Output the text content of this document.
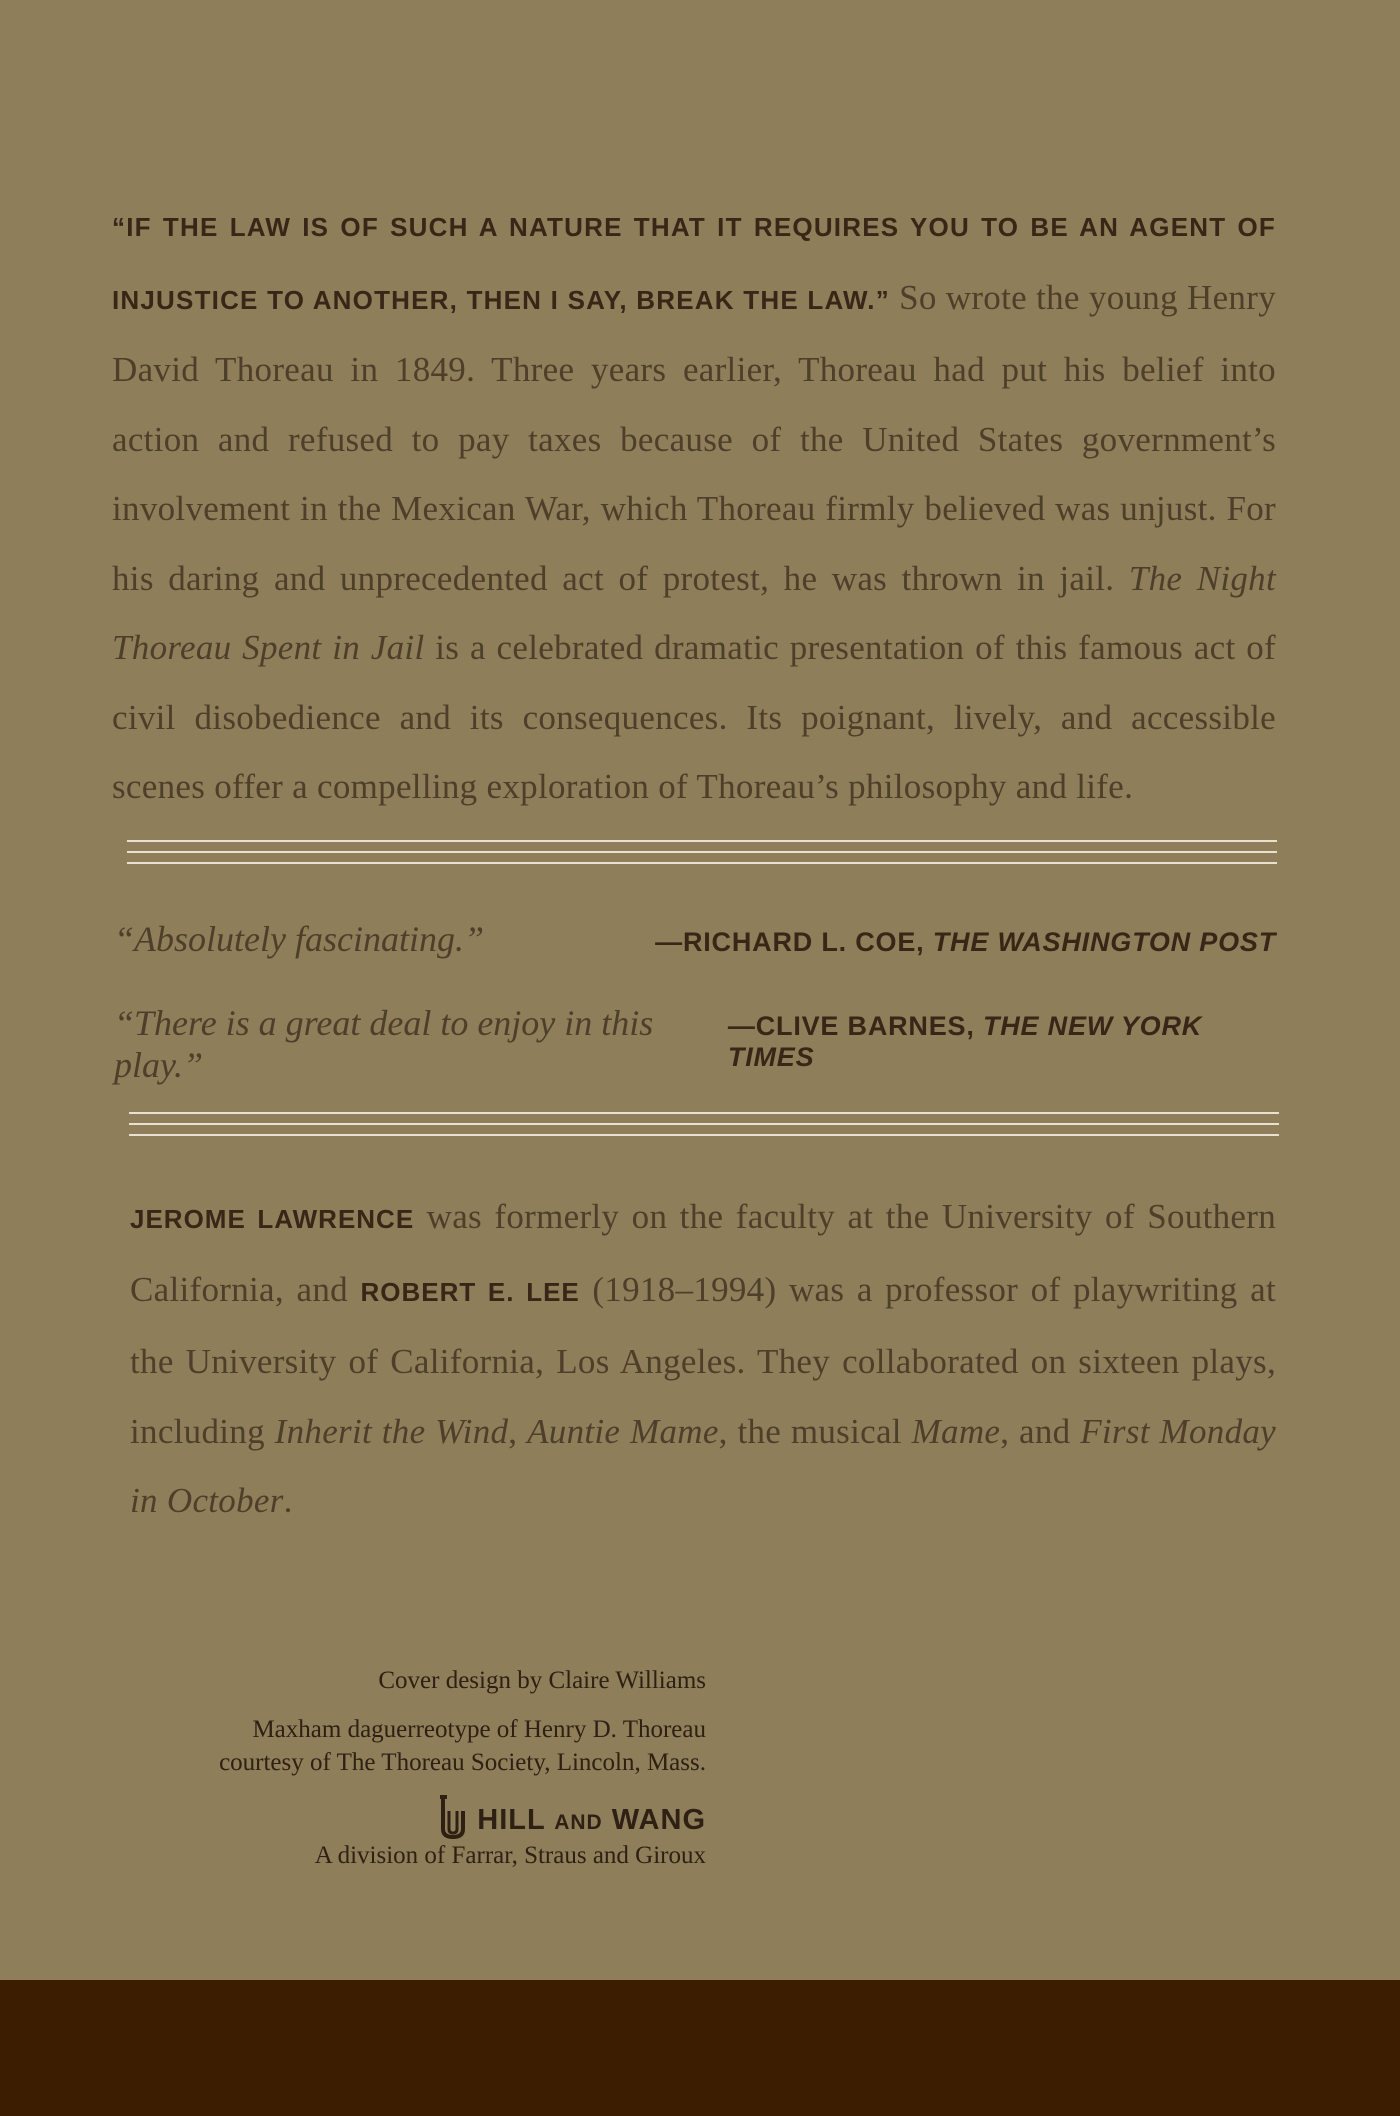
“IF THE LAW IS OF SUCH A NATURE THAT IT REQUIRES YOU TO BE AN AGENT OF INJUSTICE TO ANOTHER, THEN I SAY, BREAK THE LAW.” So wrote the young Henry David Thoreau in 1849. Three years earlier, Thoreau had put his belief into action and refused to pay taxes because of the United States government’s involvement in the Mexican War, which Thoreau firmly believed was unjust. For his daring and unprecedented act of protest, he was thrown in jail. The Night Thoreau Spent in Jail is a celebrated dramatic presentation of this famous act of civil disobedience and its consequences. Its poignant, lively, and accessible scenes offer a compelling exploration of Thoreau’s philosophy and life.
“Absolutely fascinating.”	—RICHARD L. COE, THE WASHINGTON POST
“There is a great deal to enjoy in this play.”
—CLIVE BARNES, THE NEW YORK TIMES
JEROME LAWRENCE was formerly on the faculty at the University of Southern California, and ROBERT E. LEE (1918–1994) was a professor of playwriting at the University of California, Los Angeles. They collaborated on sixteen plays, including Inherit the Wind, Auntie Mame, the musical Mame, and First Monday in October.
Cover design by Claire Williams
Maxham daguerreotype of Henry D. Thoreau
courtesy of The Thoreau Society, Lincoln, Mass.
HILL AND WANG
A division of Farrar, Straus and Giroux
